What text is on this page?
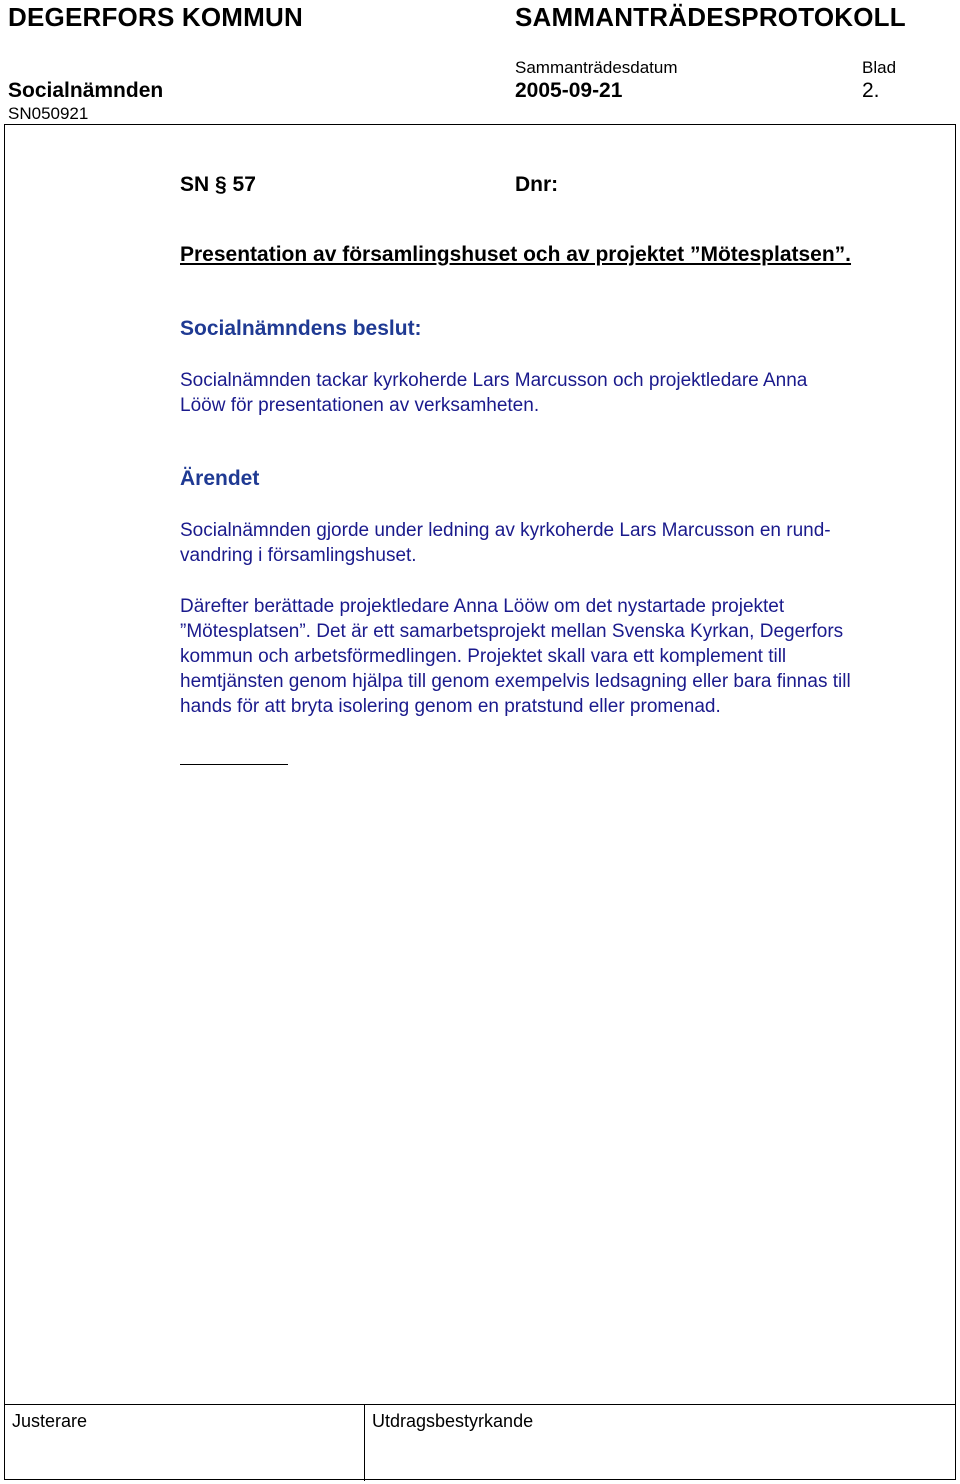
DEGERFORS KOMMUN	SAMMANTRÄDESPROTOKOLL
Sammanträdesdatum	Blad
Socialnämnden	2005-09-21	2.
SN050921
SN § 57	Dnr:
Presentation av församlingshuset och av projektet ”Mötesplatsen”.
Socialnämndens beslut:
Socialnämnden tackar kyrkoherde Lars Marcusson och projektledare Anna
Lööw för presentationen av verksamheten.
Ärendet
Socialnämnden gjorde under ledning av kyrkoherde Lars Marcusson en rund-
vandring i församlingshuset.
Därefter berättade projektledare Anna Lööw om det nystartade projektet
”Mötesplatsen”. Det är ett samarbetsprojekt mellan Svenska Kyrkan, Degerfors
kommun och arbetsförmedlingen. Projektet skall vara ett komplement till
hemtjänsten genom hjälpa till genom exempelvis ledsagning eller bara finnas till
hands för att bryta isolering genom en pratstund eller promenad.
Justerare	Utdragsbestyrkande
